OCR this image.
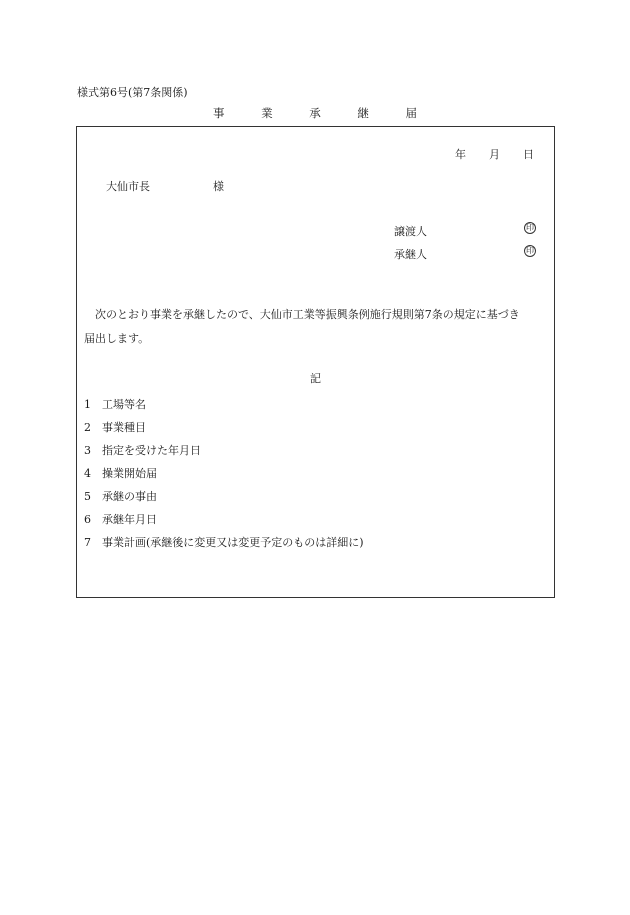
様式第6号(第7条関係)
事	業	承	継	届
年 月 日
大仙市長	様
譲渡人	印
承継人	印
次のとおり事業を承継したので、大仙市工業等振興条例施行規則第7条の規定に基づき
届出します。
記
1	工場等名
2	事業種目
3	指定を受けた年月日
4	操業開始届
5	承継の事由
6	承継年月日
7	事業計画(承継後に変更又は変更予定のものは詳細に)
